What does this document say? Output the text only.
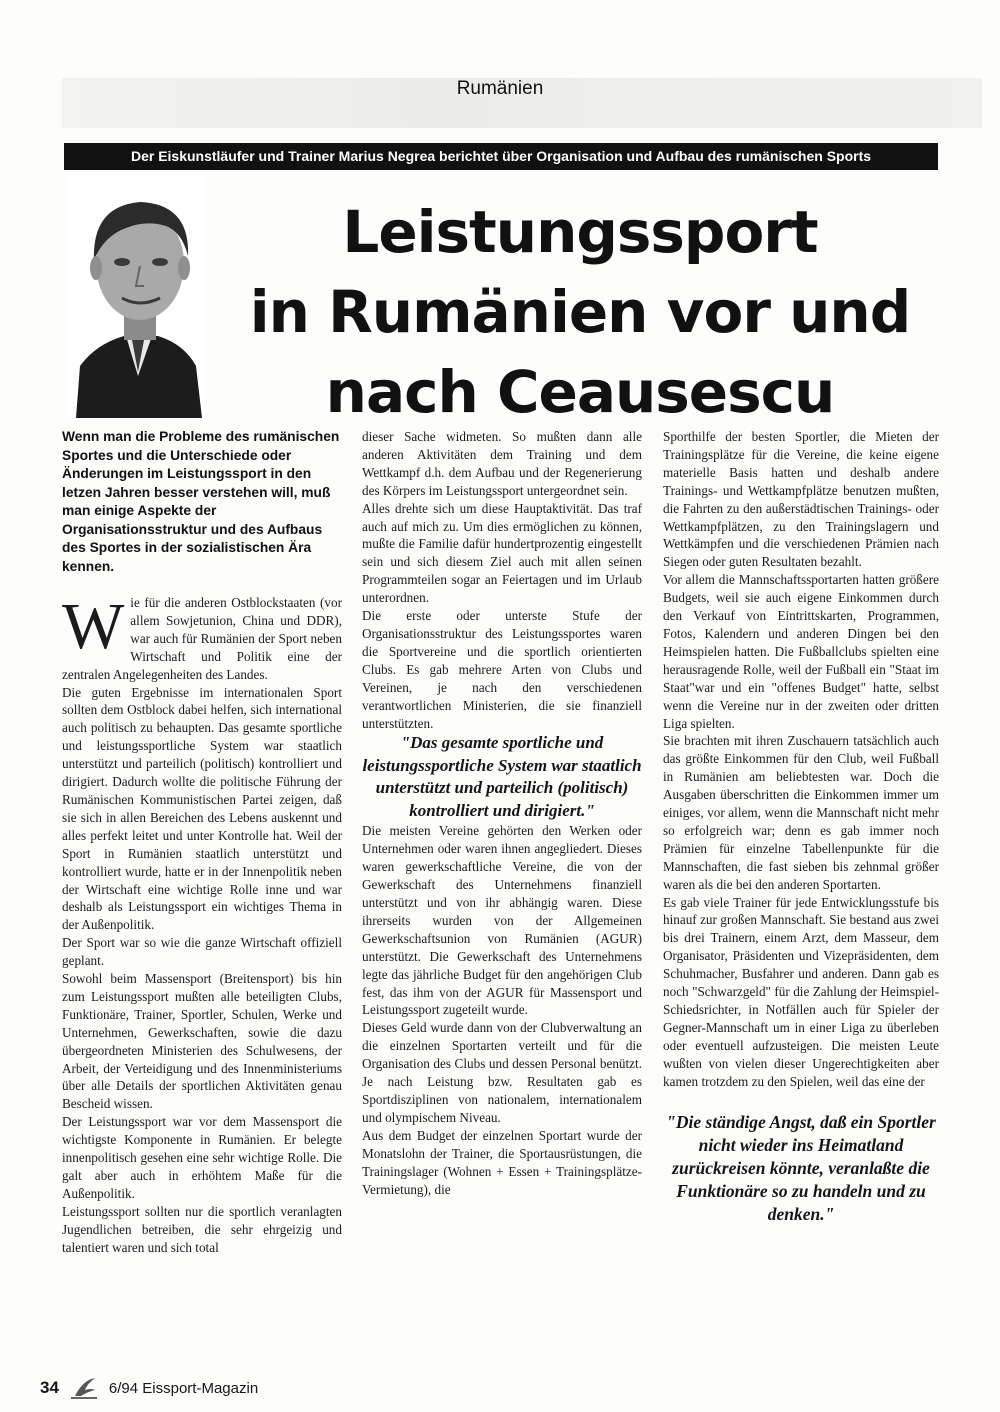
Rumänien
Der Eiskunstläufer und Trainer Marius Negrea berichtet über Organisation und Aufbau des rumänischen Sports
Leistungssport
in Rumänien vor und
nach Ceausescu

Wenn man die Probleme des rumänischen Sportes und die Unterschiede oder Änderungen im Leistungssport in den letzen Jahren besser verstehen will, muß man einige Aspekte der Organisationsstruktur und des Aufbaus des Sportes in der sozialistischen Ära kennen.

Wie für die anderen Ostblockstaaten (vor allem Sowjetunion, China und DDR), war auch für Rumänien der Sport neben Wirtschaft und Politik eine der zentralen Angelegenheiten des Landes.

Die guten Ergebnisse im internationalen Sport sollten dem Ostblock dabei helfen, sich international auch politisch zu behaupten. Das gesamte sportliche und leistungssportliche System war staatlich unterstützt und parteilich (politisch) kontrolliert und dirigiert. Dadurch wollte die politische Führung der Rumänischen Kommunistischen Partei zeigen, daß sie sich in allen Bereichen des Lebens auskennt und alles perfekt leitet und unter Kontrolle hat. Weil der Sport in Rumänien staatlich unterstützt und kontrolliert wurde, hatte er in der Innenpolitik neben der Wirtschaft eine wichtige Rolle inne und war deshalb als Leistungssport ein wichtiges Thema in der Außenpolitik.

Der Sport war so wie die ganze Wirtschaft offiziell geplant.

Sowohl beim Massensport (Breitensport) bis hin zum Leistungssport mußten alle beteiligten Clubs, Funktionäre, Trainer, Sportler, Schulen, Werke und Unternehmen, Gewerkschaften, sowie die dazu übergeordneten Ministerien des Schulwesens, der Arbeit, der Verteidigung und des Innenministeriums über alle Details der sportlichen Aktivitäten genau Bescheid wissen.

Der Leistungssport war vor dem Massensport die wichtigste Komponente in Rumänien. Er belegte innenpolitisch gesehen eine sehr wichtige Rolle. Die galt aber auch in erhöhtem Maße für die Außenpolitik.

Leistungssport sollten nur die sportlich veranlagten Jugendlichen betreiben, die sehr ehrgeizig und talentiert waren und sich total

dieser Sache widmeten. So mußten dann alle anderen Aktivitäten dem Training und dem Wettkampf d.h. dem Aufbau und der Regenerierung des Körpers im Leistungssport untergeordnet sein.

Alles drehte sich um diese Hauptaktivität. Das traf auch auf mich zu. Um dies ermöglichen zu können, mußte die Familie dafür hundertprozentig eingestellt sein und sich diesem Ziel auch mit allen seinen Programmteilen sogar an Feiertagen und im Urlaub unterordnen.

Die erste oder unterste Stufe der Organisationsstruktur des Leistungssportes waren die Sportvereine und die sportlich orientierten Clubs. Es gab mehrere Arten von Clubs und Vereinen, je nach den verschiedenen verantwortlichen Ministerien, die sie finanziell unterstützten.

"Das gesamte sportliche und leistungssportliche System war staatlich unterstützt und parteilich (politisch) kontrolliert und dirigiert."

Die meisten Vereine gehörten den Werken oder Unternehmen oder waren ihnen angegliedert. Dieses waren gewerkschaftliche Vereine, die von der Gewerkschaft des Unternehmens finanziell unterstützt und von ihr abhängig waren. Diese ihrerseits wurden von der Allgemeinen Gewerkschaftsunion von Rumänien (AGUR) unterstützt. Die Gewerkschaft des Unternehmens legte das jährliche Budget für den angehörigen Club fest, das ihm von der AGUR für Massensport und Leistungssport zugeteilt wurde.

Dieses Geld wurde dann von der Clubverwaltung an die einzelnen Sportarten verteilt und für die Organisation des Clubs und dessen Personal benützt. Je nach Leistung bzw. Resultaten gab es Sportdisziplinen von nationalem, internationalem und olympischem Niveau.

Aus dem Budget der einzelnen Sportart wurde der Monatslohn der Trainer, die Sportausrüstungen, die Trainingslager (Wohnen + Essen + Trainingsplätze-Vermietung), die

Sporthilfe der besten Sportler, die Mieten der Trainingsplätze für die Vereine, die keine eigene materielle Basis hatten und deshalb andere Trainings- und Wettkampfplätze benutzen mußten, die Fahrten zu den außerstädtischen Trainings- oder Wettkampfplätzen, zu den Trainingslagern und Wettkämpfen und die verschiedenen Prämien nach Siegen oder guten Resultaten bezahlt.

Vor allem die Mannschaftssportarten hatten größere Budgets, weil sie auch eigene Einkommen durch den Verkauf von Eintrittskarten, Programmen, Fotos, Kalendern und anderen Dingen bei den Heimspielen hatten. Die Fußballclubs spielten eine herausragende Rolle, weil der Fußball ein "Staat im Staat"war und ein "offenes Budget" hatte, selbst wenn die Vereine nur in der zweiten oder dritten Liga spielten.

Sie brachten mit ihren Zuschauern tatsächlich auch das größte Einkommen für den Club, weil Fußball in Rumänien am beliebtesten war. Doch die Ausgaben überschritten die Einkommen immer um einiges, vor allem, wenn die Mannschaft nicht mehr so erfolgreich war; denn es gab immer noch Prämien für einzelne Tabellenpunkte für die Mannschaften, die fast sieben bis zehnmal größer waren als die bei den anderen Sportarten.

Es gab viele Trainer für jede Entwicklungsstufe bis hinauf zur großen Mannschaft. Sie bestand aus zwei bis drei Trainern, einem Arzt, dem Masseur, dem Organisator, Präsidenten und Vizepräsidenten, dem Schuhmacher, Busfahrer und anderen. Dann gab es noch "Schwarzgeld" für die Zahlung der Heimspiel-Schiedsrichter, in Notfällen auch für Spieler der Gegner-Mannschaft um in einer Liga zu überleben oder eventuell aufzusteigen. Die meisten Leute wußten von vielen dieser Ungerechtigkeiten aber kamen trotzdem zu den Spielen, weil das eine der

"Die ständige Angst, daß ein Sportler nicht wieder ins Heimatland zurückreisen könnte, veranlaßte die Funktionäre so zu handeln und zu denken."

34	6/94 Eissport-Magazin
